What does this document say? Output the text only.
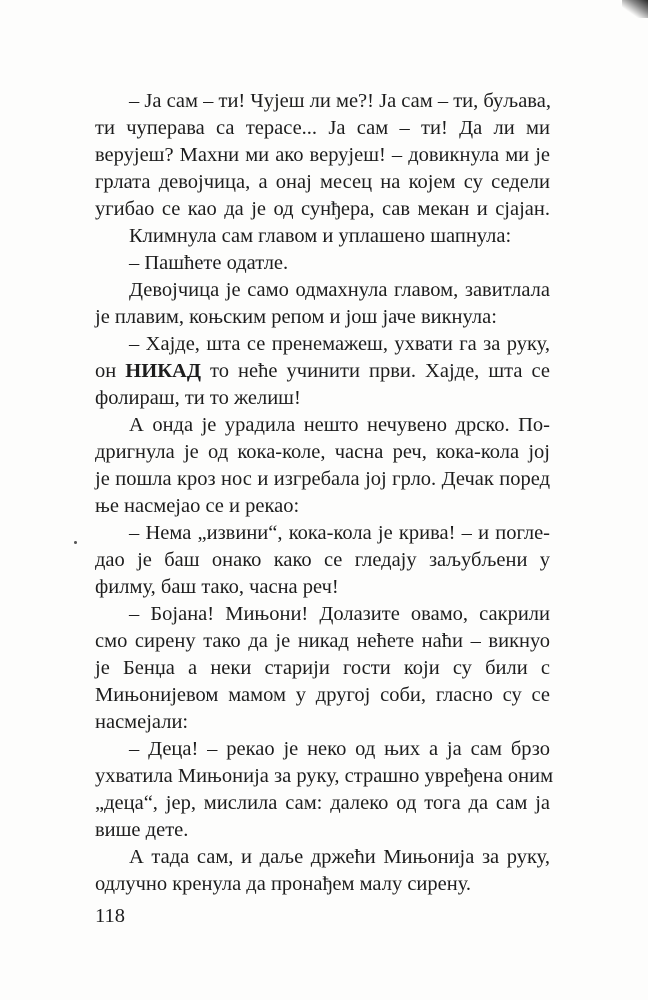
– Ја сам – ти! Чујеш ли ме?! Ја сам – ти, буљава,
ти чуперава са терасе... Ја сам – ти! Да ли ми
верујеш? Махни ми ако верујеш! – довикнула ми је
грлата девојчица, а онај месец на којем су седели
угибао се као да је од сунђера, сав мекан и сјајан.
Климнула сам главом и уплашено шапнула:
– Пашћете одатле.
Девојчица је само одмахнула главом, завитлала
је плавим, коњским репом и још јаче викнула:
– Хајде, шта се пренемажеш, ухвати га за руку,
он НИКАД то неће учинити први. Хајде, шта се
фолираш, ти то желиш!
А онда је урадила нешто нечувено дрско. По-
дригнула је од кока-коле, часна реч, кока-кола јој
је пошла кроз нос и изгребала јој грло. Дечак поред
ње насмејао се и рекао:
– Нема „извини“, кока-кола је крива! – и погле-
дао је баш онако како се гледају заљубљени у
филму, баш тако, часна реч!
– Бојана! Мињони! Долазите овамо, сакрили
смо сирену тако да је никад нећете наћи – викнуо
је Бенџа а неки старији гости који су били с
Мињонијевом мамом у другој соби, гласно су се
насмејали:
– Деца! – рекао је неко од њих а ја сам брзо
ухватила Мињонија за руку, страшно увређена оним
„деца“, јер, мислила сам: далеко од тога да сам ја
више дете.
А тада сам, и даље држећи Мињонија за руку,
одлучно кренула да пронађем малу сирену.
118
